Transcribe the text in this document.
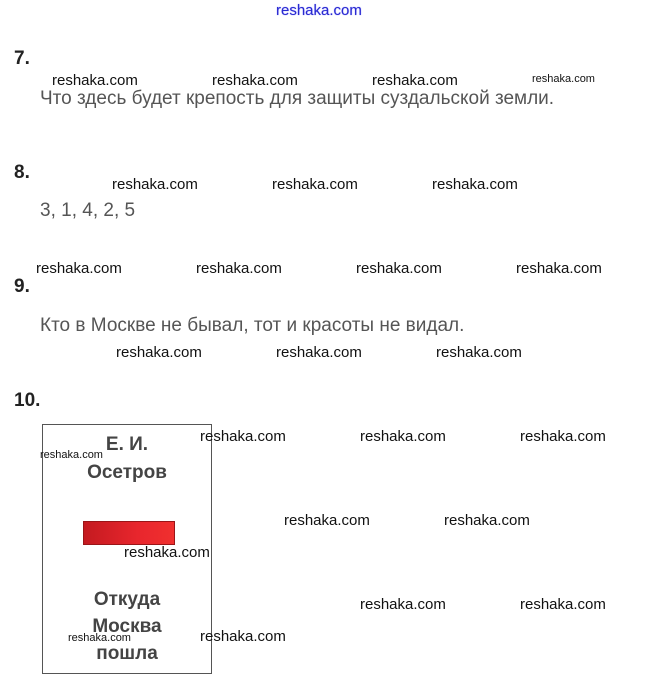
reshaka.com
7.
reshaka.com	reshaka.com	reshaka.com	reshaka.com
Что здесь будет крепость для защиты суздальской земли.
8.
reshaka.com	reshaka.com	reshaka.com
3, 1, 4, 2, 5
reshaka.com	reshaka.com	reshaka.com	reshaka.com
9.
Кто в Москве не бывал, тот и красоты не видал.
reshaka.com	reshaka.com	reshaka.com
10.
Е. И.
Осетров
Откуда
Москва
пошла
reshaka.com
reshaka.com	reshaka.com	reshaka.com
reshaka.com	reshaka.com
reshaka.com
reshaka.com	reshaka.com
reshaka.com	reshaka.com
